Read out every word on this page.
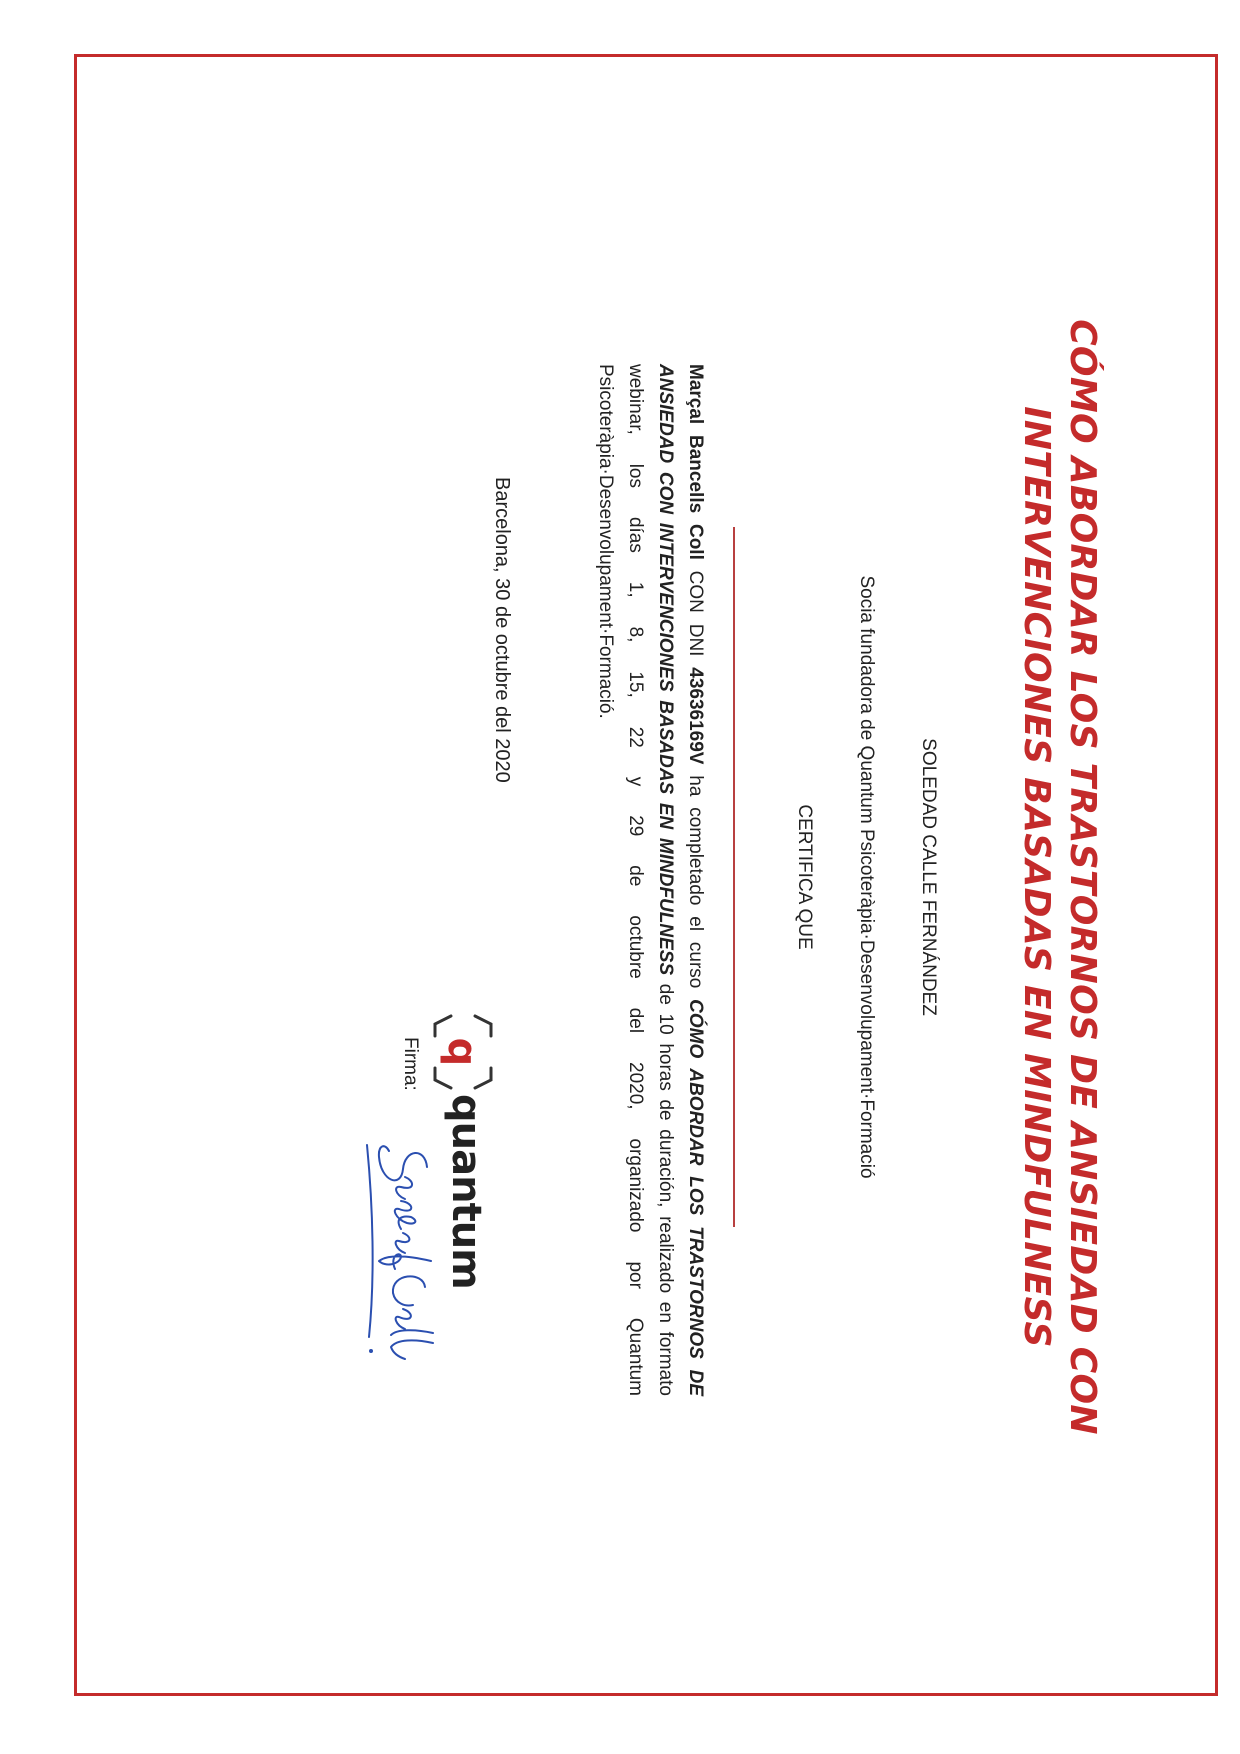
CÓMO ABORDAR LOS TRASTORNOS DE ANSIEDAD CON
INTERVENCIONES BASADAS EN MINDFULNESS
SOLEDAD CALLE FERNÁNDEZ
Socia fundadora de Quantum Psicoteràpia·Desenvolupament·Formació
CERTIFICA QUE
Marçal Bancells Coll CON DNI 43636169V ha completado el curso CÓMO ABORDAR LOS TRASTORNOS DE ANSIEDAD CON INTERVENCIONES BASADAS EN MINDFULNESS de 10 horas de duración, realizado en formato webinar, los días 1, 8, 15, 22 y 29 de octubre del 2020, organizado por Quantum Psicoteràpia·Desenvolupament·Formació.
Barcelona, 30 de octubre del 2020
q
quantum
Firma:
